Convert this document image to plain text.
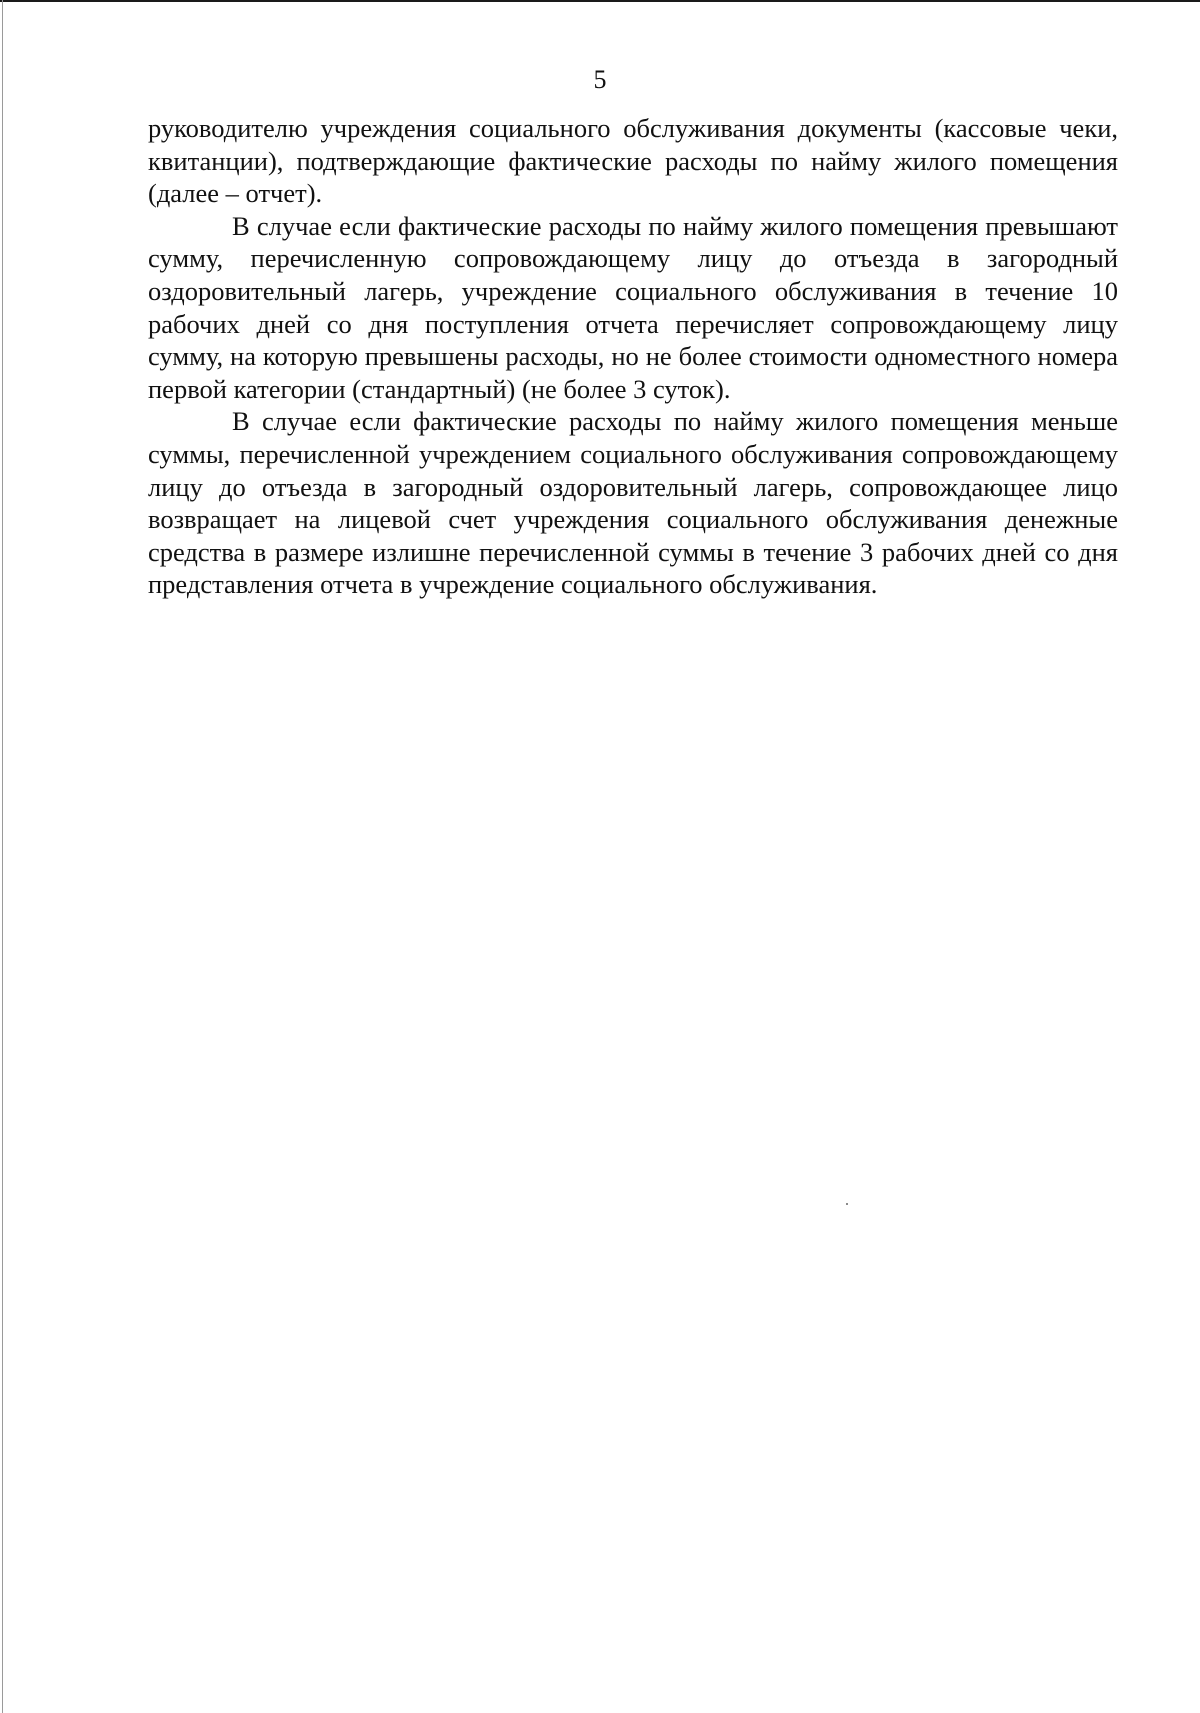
5

руководителю учреждения социального обслуживания документы (кассовые чеки, квитанции), подтверждающие фактические расходы по найму жилого помещения (далее – отчет).

В случае если фактические расходы по найму жилого помещения превышают сумму, перечисленную сопровождающему лицу до отъезда в загородный оздоровительный лагерь, учреждение социального обслуживания в течение 10 рабочих дней со дня поступления отчета перечисляет сопровождающему лицу сумму, на которую превышены расходы, но не более стоимости одноместного номера первой категории (стандартный) (не более 3 суток).

В случае если фактические расходы по найму жилого помещения меньше суммы, перечисленной учреждением социального обслуживания сопровождающему лицу до отъезда в загородный оздоровительный лагерь, сопровождающее лицо возвращает на лицевой счет учреждения социального обслуживания денежные средства в размере излишне перечисленной суммы в течение 3 рабочих дней со дня представления отчета в учреждение социального обслуживания.
